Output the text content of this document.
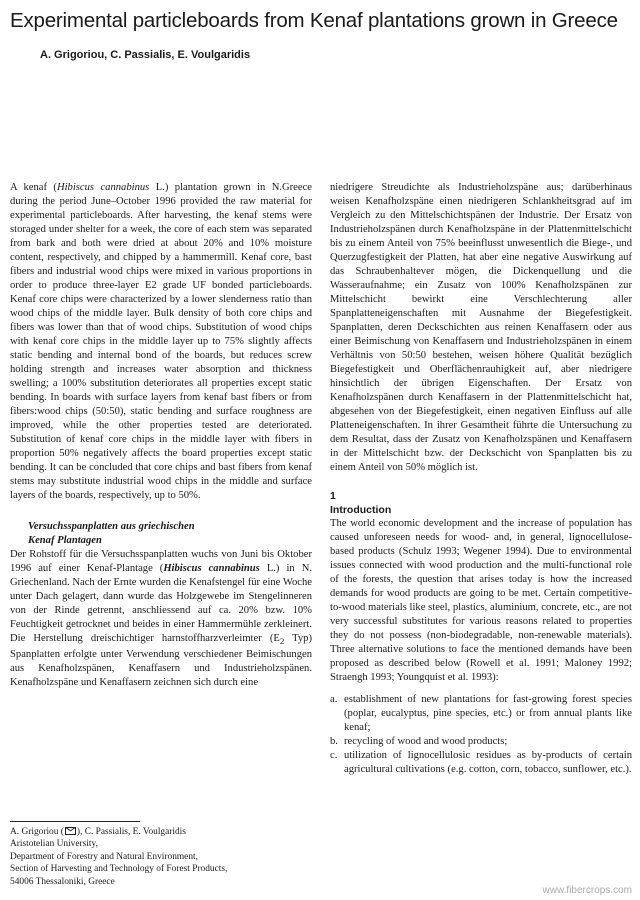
Experimental particleboards from Kenaf plantations grown in Greece
A. Grigoriou, C. Passialis, E. Voulgaridis

A kenaf (Hibiscus cannabinus L.) plantation grown in N.Greece during the period June–October 1996 provided the raw material for experimental particleboards. After harvesting, the kenaf stems were storaged under shelter for a week, the core of each stem was separated from bark and both were dried at about 20% and 10% moisture content, respectively, and chipped by a hammermill. Kenaf core, bast fibers and industrial wood chips were mixed in various proportions in order to produce three-layer E2 grade UF bonded particleboards. Kenaf core chips were characterized by a lower slenderness ratio than wood chips of the middle layer. Bulk density of both core chips and fibers was lower than that of wood chips. Substitution of wood chips with kenaf core chips in the middle layer up to 75% slightly affects static bending and internal bond of the boards, but reduces screw holding strength and increases water absorption and thickness swelling; a 100% substitution deteriorates all properties except static bending. In boards with surface layers from kenaf bast fibers or from fibers:wood chips (50:50), static bending and surface roughness are improved, while the other properties tested are deteriorated. Substitution of kenaf core chips in the middle layer with fibers in proportion 50% negatively affects the board properties except static bending. It can be concluded that core chips and bast fibers from kenaf stems may substitute industrial wood chips in the middle and surface layers of the boards, respectively, up to 50%.

Versuchsspanplatten aus griechischen
Kenaf Plantagen

Der Rohstoff für die Versuchsspanplatten wuchs von Juni bis Oktober 1996 auf einer Kenaf-Plantage (Hibiscus cannabinus L.) in N. Griechenland. Nach der Ernte wurden die Kenafstengel für eine Woche unter Dach gelagert, dann wurde das Holzgewebe im Stengelinneren von der Rinde getrennt, anschliessend auf ca. 20% bzw. 10% Feuchtigkeit getrocknet und beides in einer Hammermühle zerkleinert. Die Herstellung dreischichtiger harnstoffharzverleimter ($E_2$ Typ) Spanplatten erfolgte unter Verwendung verschiedener Beimischungen aus Kenafholzspänen, Kenaffasern und Industrieholzspänen. Kenafholzspäne und Kenaffasern zeichnen sich durch eine

niedrigere Streudichte als Industrieholzspäne aus; darüberhinaus weisen Kenafholzspäne einen niedrigeren Schlankheitsgrad auf im Vergleich zu den Mittelschichtspänen der Industrie. Der Ersatz von Industrieholzspänen durch Kenafholzspäne in der Plattenmittelschicht bis zu einem Anteil von 75% beeinflusst unwesentlich die Biege-, und Querzugfestigkeit der Platten, hat aber eine negative Auswirkung auf das Schraubenhaltever mögen, die Dickenquellung und die Wasseraufnahme; ein Zusatz von 100% Kenafholzspänen zur Mittelschicht bewirkt eine Verschlechterung aller Spanplatteneigenschaften mit Ausnahme der Biegefestigkeit. Spanplatten, deren Deckschichten aus reinen Kenaffasern oder aus einer Beimischung von Kenaffasern und Industrieholzspänen in einem Verhältnis von 50:50 bestehen, weisen höhere Qualität bezüglich Biegefestigkeit und Oberflächenrauhigkeit auf, aber niedrigere hinsichtlich der übrigen Eigenschaften. Der Ersatz von Kenafholzspänen durch Kenaffasern in der Plattenmittelschicht hat, abgesehen von der Biegefestigkeit, einen negativen Einfluss auf alle Platteneigenschaften. In ihrer Gesamtheit führte die Untersuchung zu dem Resultat, dass der Zusatz von Kenafholzspänen und Kenaffasern in der Mittelschicht bzw. der Deckschicht von Spanplatten bis zu einem Anteil von 50% möglich ist.

1
Introduction

The world economic development and the increase of population has caused unforeseen needs for wood- and, in general, lignocellulose-based products (Schulz 1993; Wegener 1994). Due to environmental issues connected with wood production and the multi-functional role of the forests, the question that arises today is how the increased demands for wood products are going to be met. Certain competitive-to-wood materials like steel, plastics, aluminium, concrete, etc., are not very successful substitutes for various reasons related to properties they do not possess (non-biodegradable, non-renewable materials). Three alternative solutions to face the mentioned demands have been proposed as described below (Rowell et al. 1991; Maloney 1992; Straengh 1993; Youngquist et al. 1993):

a. establishment of new plantations for fast-growing forest species (poplar, eucalyptus, pine species, etc.) or from annual plants like kenaf;
b. recycling of wood and wood products;
c. utilization of lignocellulosic residues as by-products of certain agricultural cultivations (e.g. cotton, corn, tobacco, sunflower, etc.).
A. Grigoriou ( ), C. Passialis, E. Voulgaridis
Aristotelian University,
Department of Forestry and Natural Environment,
Section of Harvesting and Technology of Forest Products,
54006 Thessaloniki, Greece
www.fibercrops.com
